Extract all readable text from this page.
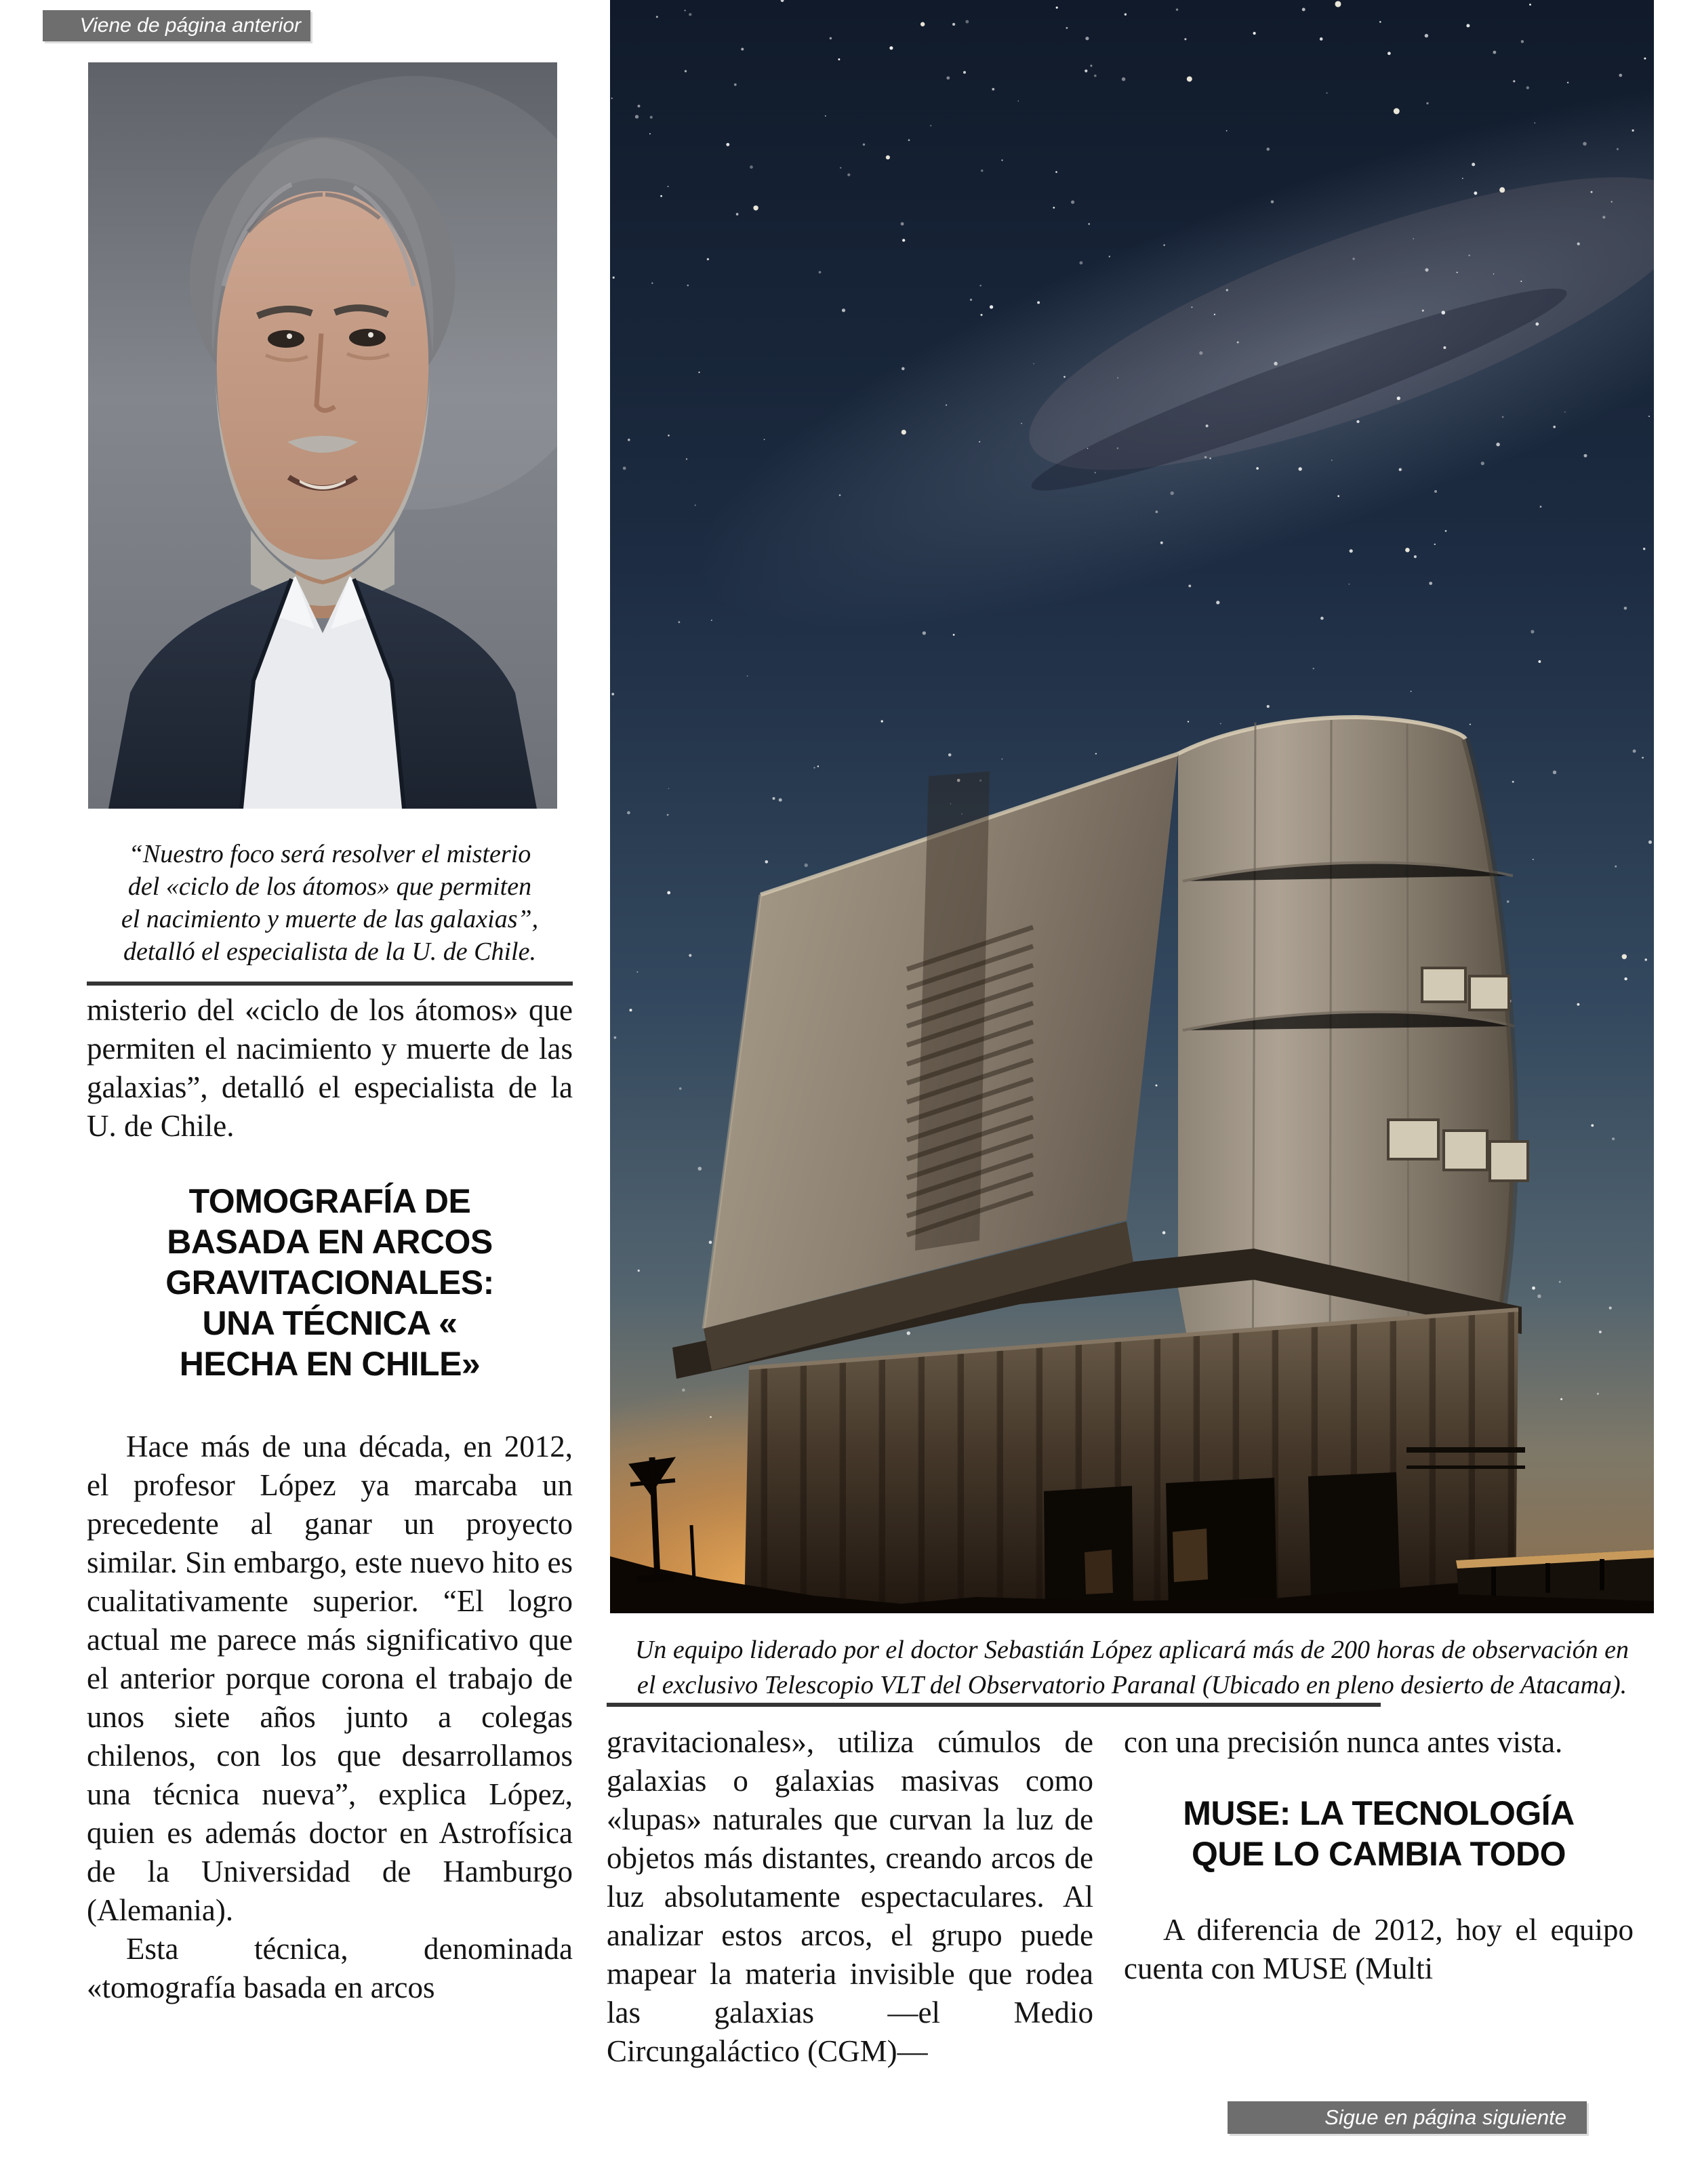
Viene de página anterior
“Nuestro foco será resolver el misterio
del «ciclo de los átomos» que permiten
el nacimiento y muerte de las galaxias”,
detalló el especialista de la U. de Chile.

misterio del «ciclo de los átomos» que permiten el nacimiento y muerte de las galaxias”, detalló el especialista de la U. de Chile.

TOMOGRAFÍA DE
BASADA EN ARCOS
GRAVITACIONALES:
UNA TÉCNICA «
HECHA EN CHILE»

Hace más de una década, en 2012, el profesor López ya marcaba un precedente al ganar un proyecto similar. Sin embargo, este nuevo hito es cualitativamente superior. “El logro actual me parece más significativo que el anterior porque corona el trabajo de unos siete años junto a colegas chilenos, con los que desarrollamos una técnica nueva”, explica López, quien es además doctor en Astrofísica de la Universidad de Hamburgo (Alemania).

Esta técnica, denominada «tomografía basada en arcos

Un equipo liderado por el doctor Sebastián López aplicará más de 200 horas de observación en
el exclusivo Telescopio VLT del Observatorio Paranal (Ubicado en pleno desierto de Atacama).

gravitacionales», utiliza cúmulos de galaxias o galaxias masivas como «lupas» naturales que curvan la luz de objetos más distantes, creando arcos de luz absolutamente espectaculares. Al analizar estos arcos, el grupo puede mapear la materia invisible que rodea las galaxias —el Medio Circungaláctico (CGM)—

con una precisión nunca antes vista.

MUSE: LA TECNOLOGÍA
QUE LO CAMBIA TODO

A diferencia de 2012, hoy el equipo cuenta con MUSE (Multi

Sigue en página siguiente
